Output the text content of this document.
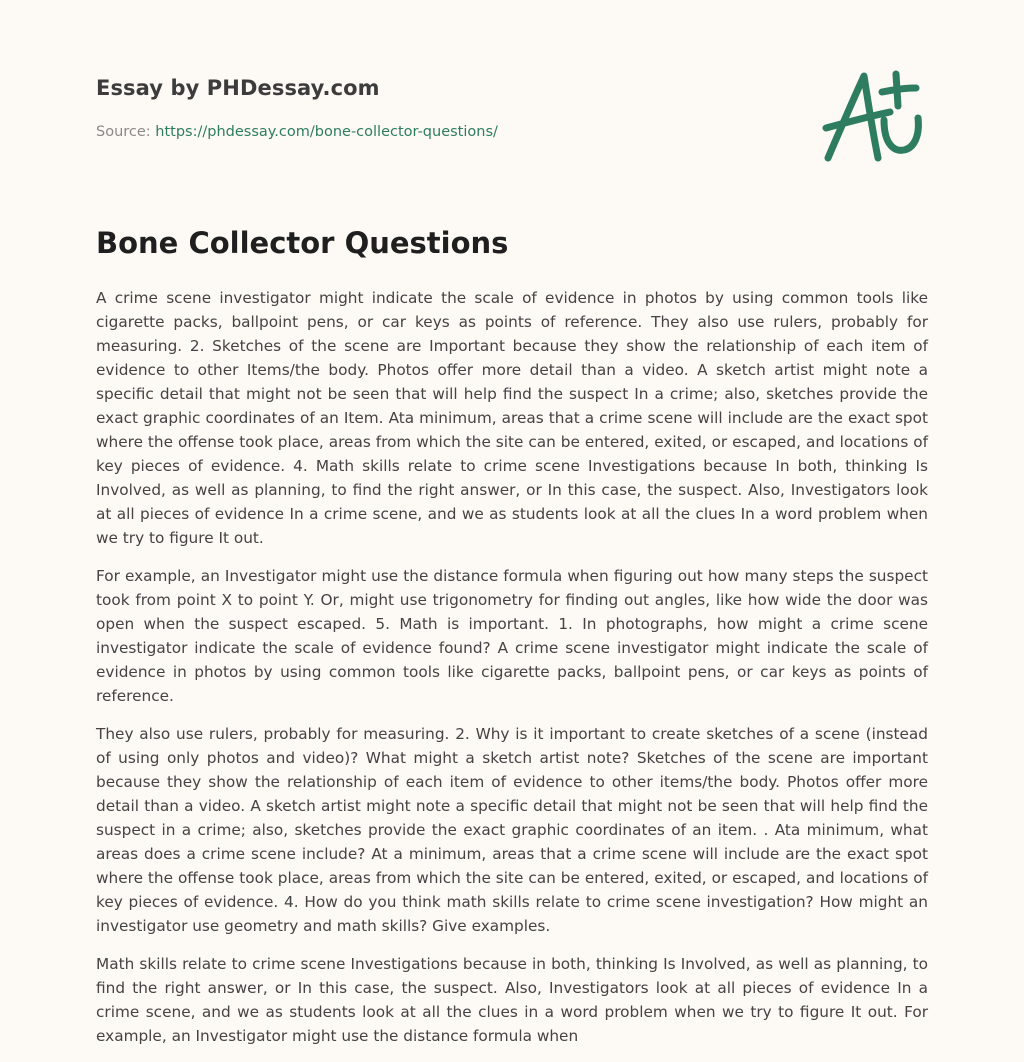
Essay by PHDessay.com
Source: https://phdessay.com/bone-collector-questions/
Bone Collector Questions

A crime scene investigator might indicate the scale of evidence in photos by using common tools like cigarette packs, ballpoint pens, or car keys as points of reference. They also use rulers, probably for measuring. 2. Sketches of the scene are Important because they show the relationship of each item of evidence to other Items/the body. Photos offer more detail than a video. A sketch artist might note a specific detail that might not be seen that will help find the suspect In a crime; also, sketches provide the exact graphic coordinates of an Item. Ata minimum, areas that a crime scene will include are the exact spot where the offense took place, areas from which the site can be entered, exited, or escaped, and locations of key pieces of evidence. 4. Math skills relate to crime scene Investigations because In both, thinking Is Involved, as well as planning, to find the right answer, or In this case, the suspect. Also, Investigators look at all pieces of evidence In a crime scene, and we as students look at all the clues In a word problem when we try to figure It out.

For example, an Investigator might use the distance formula when figuring out how many steps the suspect took from point X to point Y. Or, might use trigonometry for finding out angles, like how wide the door was open when the suspect escaped. 5. Math is important. 1. In photographs, how might a crime scene investigator indicate the scale of evidence found? A crime scene investigator might indicate the scale of evidence in photos by using common tools like cigarette packs, ballpoint pens, or car keys as points of reference.

They also use rulers, probably for measuring. 2. Why is it important to create sketches of a scene (instead of using only photos and video)? What might a sketch artist note? Sketches of the scene are important because they show the relationship of each item of evidence to other items/the body. Photos offer more detail than a video. A sketch artist might note a specific detail that might not be seen that will help find the suspect in a crime; also, sketches provide the exact graphic coordinates of an item. . Ata minimum, what areas does a crime scene include? At a minimum, areas that a crime scene will include are the exact spot where the offense took place, areas from which the site can be entered, exited, or escaped, and locations of key pieces of evidence. 4. How do you think math skills relate to crime scene investigation? How might an investigator use geometry and math skills? Give examples.

Math skills relate to crime scene Investigations because in both, thinking Is Involved, as well as planning, to find the right answer, or In this case, the suspect. Also, Investigators look at all pieces of evidence In a crime scene, and we as students look at all the clues in a word problem when we try to figure It out. For example, an Investigator might use the distance formula when
